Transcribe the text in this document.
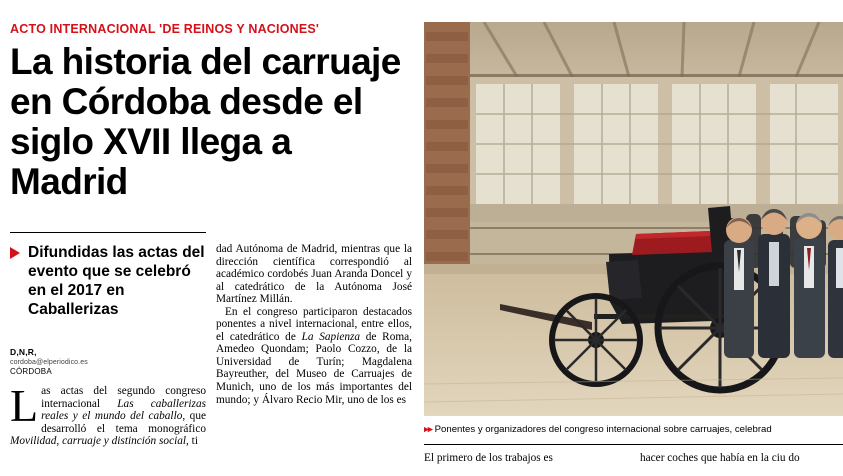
ACTO INTERNACIONAL 'DE REINOS Y NACIONES'

La historia del carruaje en Córdoba desde el siglo XVII llega a Madrid

Difundidas las actas del evento que se celebró en el 2017 en Caballerizas

D,N,R,
cordoba@elperiodico.es
CÓRDOBA
Las actas del segundo congreso internacional Las caballerizas reales y el mundo del caballo, que desarrolló el tema monográfico Movilidad, carruaje y distinción social, ti

dad Autónoma de Madrid, mientras que la dirección científica correspondió al académico cordobés Juan Aranda Doncel y al catedrático de la Autónoma José Martínez Millán.

En el congreso participaron destacados ponentes a nivel internacional, entre ellos, el catedrático de La Sapienza de Roma, Amedeo Quondam; Paolo Cozzo, de la Universidad de Turín; Magdalena Bayreuther, del Museo de Carruajes de Munich, uno de los más importantes del mundo; y Álvaro Recio Mir, uno de los es

▸▸ Ponentes y organizadores del congreso internacional sobre carruajes, celebrad
El primero de los trabajos es	hacer coches que había en la ciu do
